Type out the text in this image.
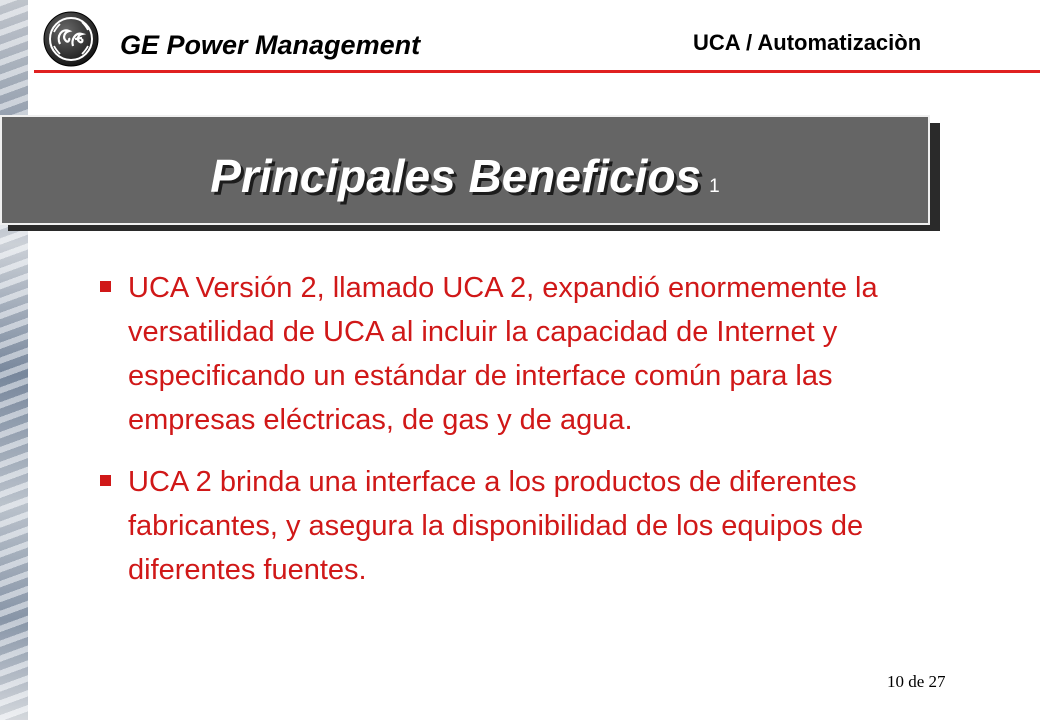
GE Power Management	UCA / Automatizaciòn
Principales Beneficios 1
UCA Versión 2, llamado UCA 2, expandió enormemente la versatilidad de UCA al incluir la capacidad de Internet y especificando un estándar de interface común para las empresas eléctricas, de gas y de agua.
UCA 2 brinda una interface a los productos de diferentes fabricantes, y asegura la disponibilidad de los equipos de diferentes fuentes.
10 de 27
